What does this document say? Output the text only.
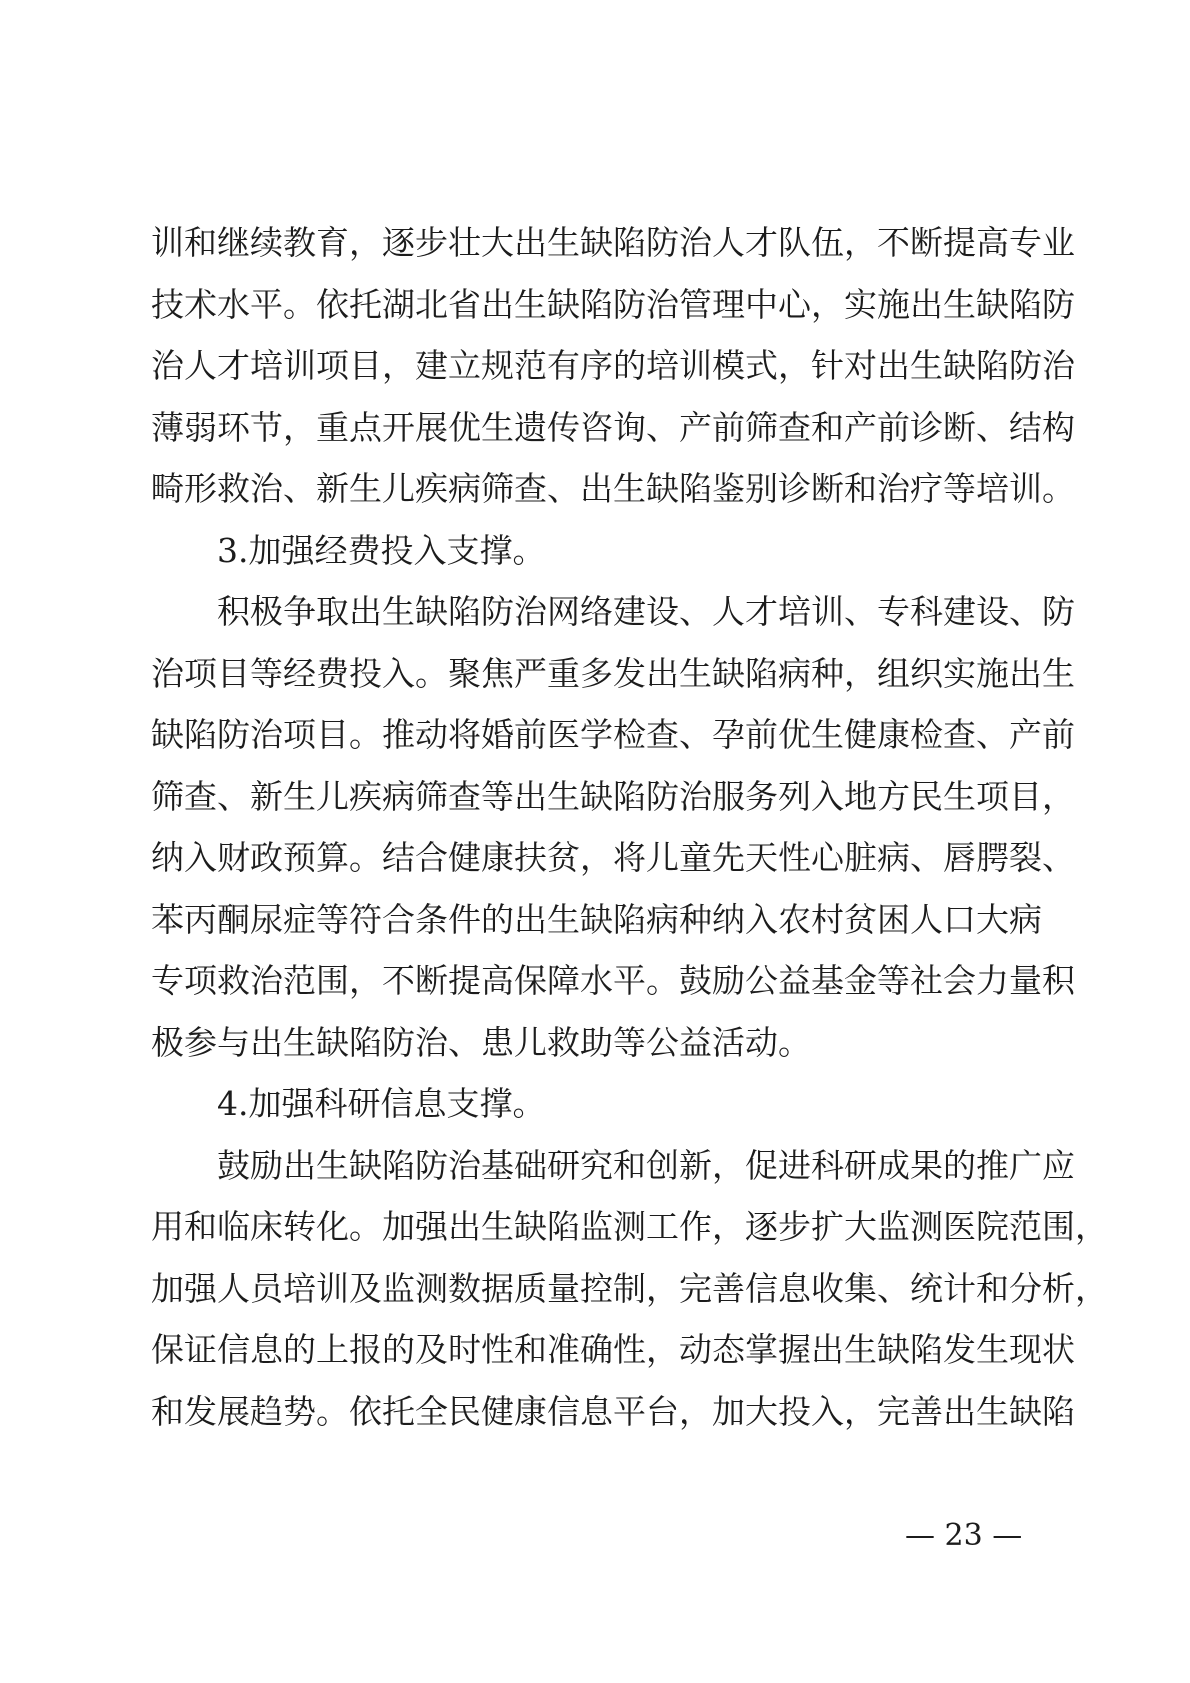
训和继续教育，逐步壮大出生缺陷防治人才队伍，不断提高专业
技术水平。依托湖北省出生缺陷防治管理中心，实施出生缺陷防
治人才培训项目，建立规范有序的培训模式，针对出生缺陷防治
薄弱环节，重点开展优生遗传咨询、产前筛查和产前诊断、结构
畸形救治、新生儿疾病筛查、出生缺陷鉴别诊断和治疗等培训。
3.加强经费投入支撑。
积极争取出生缺陷防治网络建设、人才培训、专科建设、防
治项目等经费投入。聚焦严重多发出生缺陷病种，组织实施出生
缺陷防治项目。推动将婚前医学检查、孕前优生健康检查、产前
筛查、新生儿疾病筛查等出生缺陷防治服务列入地方民生项目，
纳入财政预算。结合健康扶贫，将儿童先天性心脏病、唇腭裂、
苯丙酮尿症等符合条件的出生缺陷病种纳入农村贫困人口大病
专项救治范围，不断提高保障水平。鼓励公益基金等社会力量积
极参与出生缺陷防治、患儿救助等公益活动。
4.加强科研信息支撑。
鼓励出生缺陷防治基础研究和创新，促进科研成果的推广应
用和临床转化。加强出生缺陷监测工作，逐步扩大监测医院范围，
加强人员培训及监测数据质量控制，完善信息收集、统计和分析，
保证信息的上报的及时性和准确性，动态掌握出生缺陷发生现状
和发展趋势。依托全民健康信息平台，加大投入，完善出生缺陷
— 23 —
